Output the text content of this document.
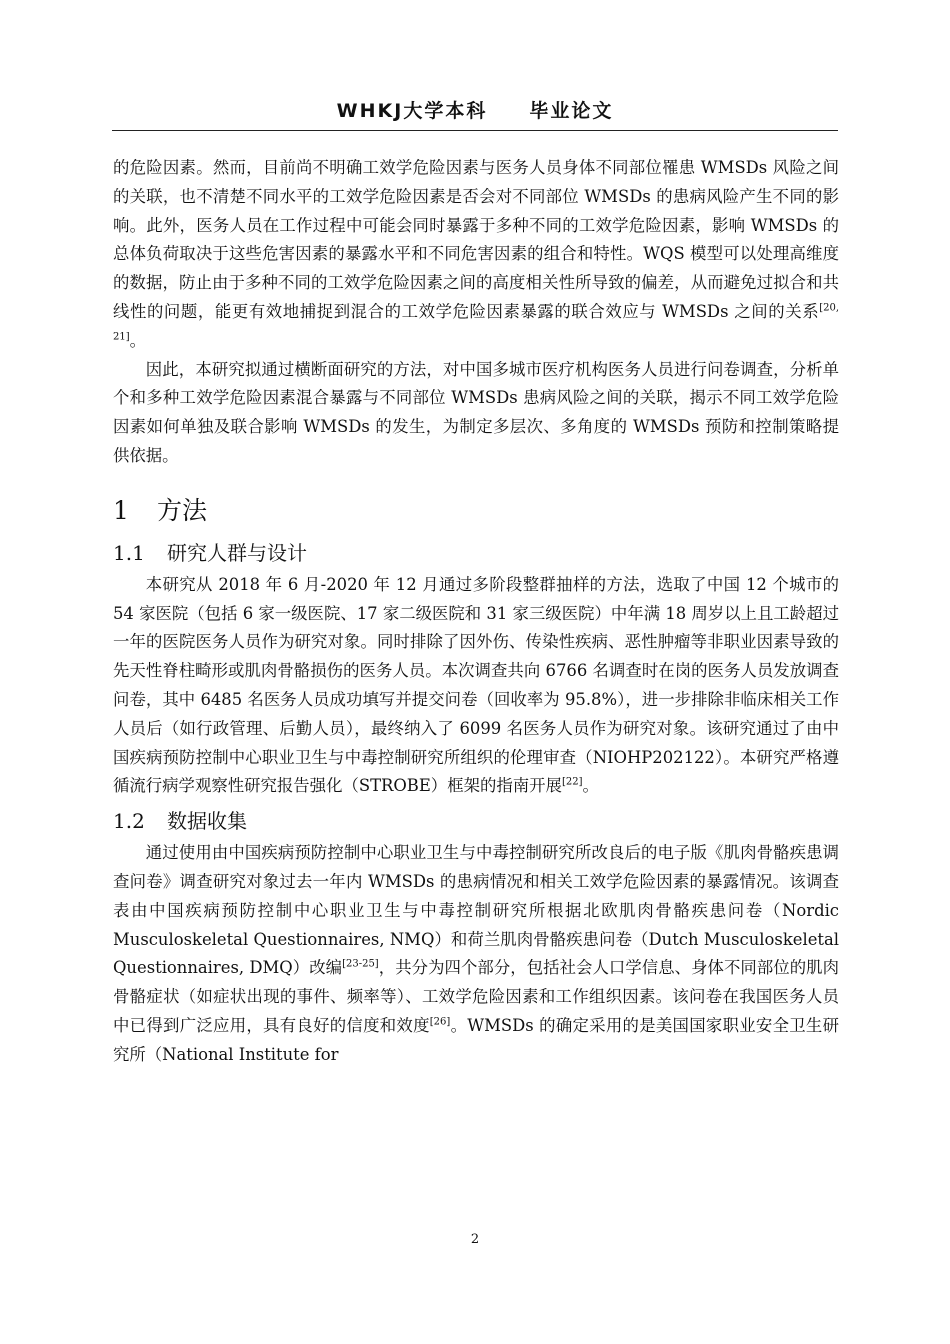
WHKJ大学本科　　毕业论文

的危险因素。然而，目前尚不明确工效学危险因素与医务人员身体不同部位罹患 WMSDs 风险之间的关联，也不清楚不同水平的工效学危险因素是否会对不同部位 WMSDs 的患病风险产生不同的影响。此外，医务人员在工作过程中可能会同时暴露于多种不同的工效学危险因素，影响 WMSDs 的总体负荷取决于这些危害因素的暴露水平和不同危害因素的组合和特性。WQS 模型可以处理高维度的数据，防止由于多种不同的工效学危险因素之间的高度相关性所导致的偏差，从而避免过拟合和共线性的问题，能更有效地捕捉到混合的工效学危险因素暴露的联合效应与 WMSDs 之间的关系[20, 21]。

因此，本研究拟通过横断面研究的方法，对中国多城市医疗机构医务人员进行问卷调查，分析单个和多种工效学危险因素混合暴露与不同部位 WMSDs 患病风险之间的关联，揭示不同工效学危险因素如何单独及联合影响 WMSDs 的发生，为制定多层次、多角度的 WMSDs 预防和控制策略提供依据。

1 方法
1.1 研究人群与设计

本研究从 2018 年 6 月-2020 年 12 月通过多阶段整群抽样的方法，选取了中国 12 个城市的 54 家医院（包括 6 家一级医院、17 家二级医院和 31 家三级医院）中年满 18 周岁以上且工龄超过一年的医院医务人员作为研究对象。同时排除了因外伤、传染性疾病、恶性肿瘤等非职业因素导致的先天性脊柱畸形或肌肉骨骼损伤的医务人员。本次调查共向 6766 名调查时在岗的医务人员发放调查问卷，其中 6485 名医务人员成功填写并提交问卷（回收率为 95.8%），进一步排除非临床相关工作人员后（如行政管理、后勤人员），最终纳入了 6099 名医务人员作为研究对象。该研究通过了由中国疾病预防控制中心职业卫生与中毒控制研究所组织的伦理审查（NIOHP202122）。本研究严格遵循流行病学观察性研究报告强化（STROBE）框架的指南开展[22]。

1.2 数据收集

通过使用由中国疾病预防控制中心职业卫生与中毒控制研究所改良后的电子版《肌肉骨骼疾患调查问卷》调查研究对象过去一年内 WMSDs 的患病情况和相关工效学危险因素的暴露情况。该调查表由中国疾病预防控制中心职业卫生与中毒控制研究所根据北欧肌肉骨骼疾患问卷（Nordic Musculoskeletal Questionnaires, NMQ）和荷兰肌肉骨骼疾患问卷（Dutch Musculoskeletal Questionnaires, DMQ）改编[23-25]，共分为四个部分，包括社会人口学信息、身体不同部位的肌肉骨骼症状（如症状出现的事件、频率等）、工效学危险因素和工作组织因素。该问卷在我国医务人员中已得到广泛应用，具有良好的信度和效度[26]。WMSDs 的确定采用的是美国国家职业安全卫生研究所（National Institute for

2
